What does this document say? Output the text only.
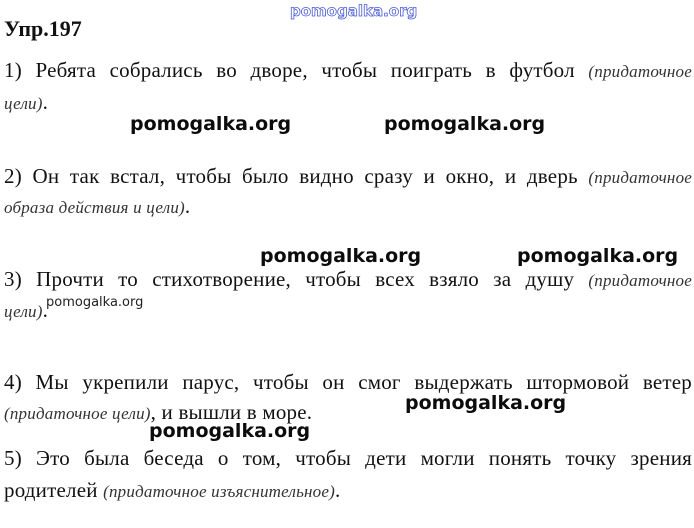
pomogalka.org
Упр.197
1) Ребята собрались во дворе, чтобы поиграть в футбол (придаточное
цели).
pomogalka.org	pomogalka.org
2) Он так встал, чтобы было видно сразу и окно, и дверь (придаточное
образа действия и цели).
pomogalka.org	pomogalka.org
3) Прочти то стихотворение, чтобы всех взяло за душу (придаточное
цели).
pomogalka.org
4) Мы укрепили парус, чтобы он смог выдержать штормовой ветер
(придаточное цели), и вышли в море.	pomogalka.org
pomogalka.org
5) Это была беседа о том, чтобы дети могли понять точку зрения
родителей (придаточное изъяснительное).
